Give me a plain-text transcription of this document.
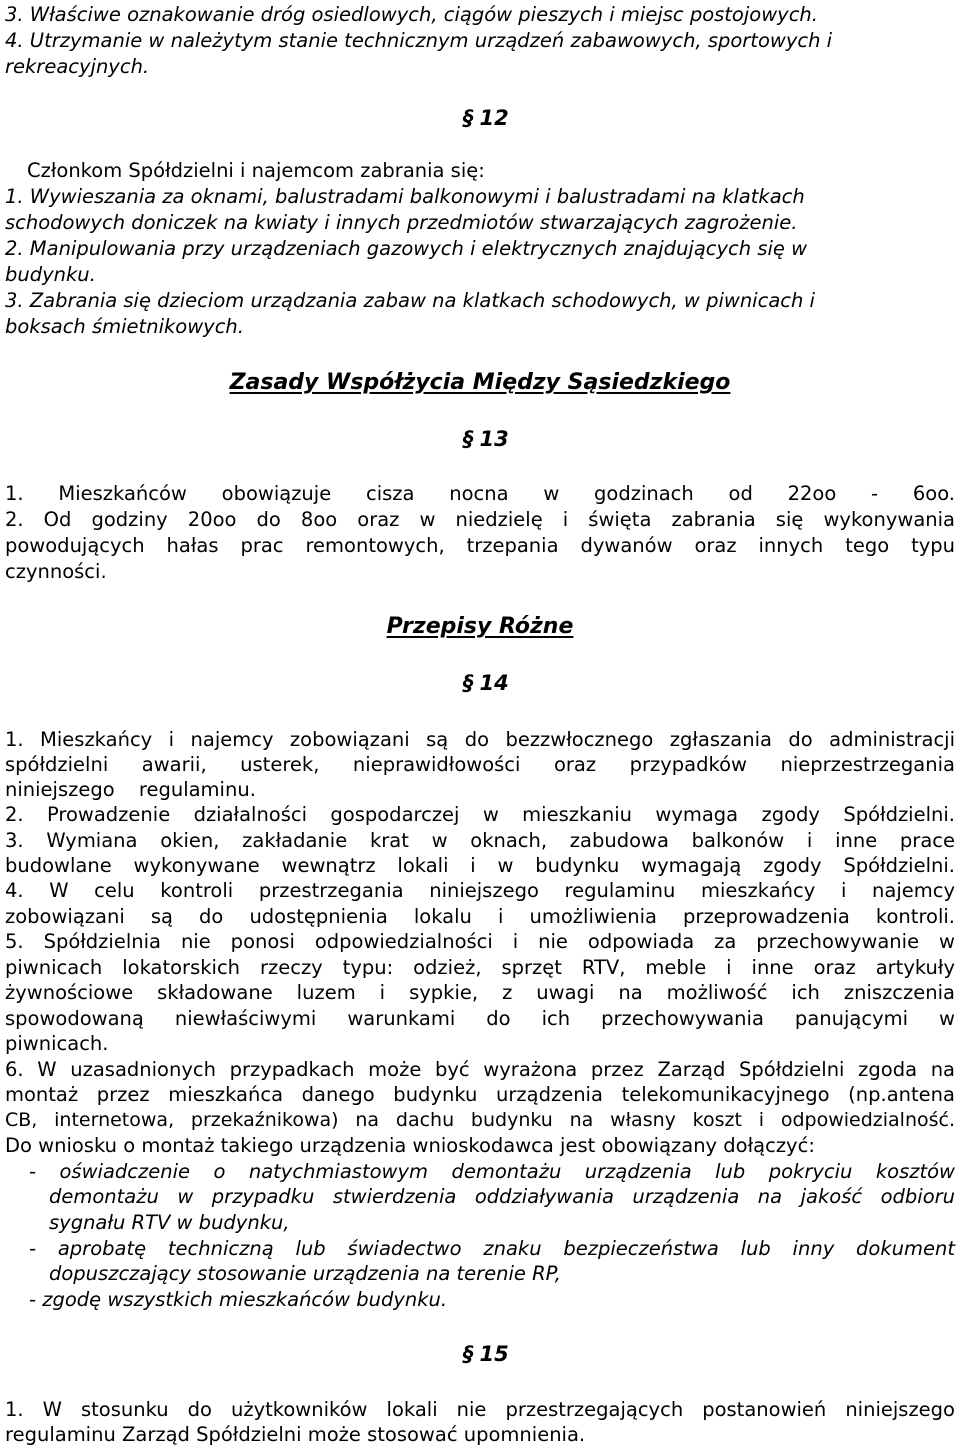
3. Właściwe oznakowanie dróg osiedlowych, ciągów pieszych i miejsc postojowych.
4. Utrzymanie w należytym stanie technicznym urządzeń zabawowych, sportowych i
rekreacyjnych.
§ 12
Członkom Spółdzielni i najemcom zabrania się:
1. Wywieszania za oknami, balustradami balkonowymi i balustradami na klatkach
schodowych doniczek na kwiaty i innych przedmiotów stwarzających zagrożenie.
2. Manipulowania przy urządzeniach gazowych i elektrycznych znajdujących się w
budynku.
3. Zabrania się dzieciom urządzania zabaw na klatkach schodowych, w piwnicach i
boksach śmietnikowych.
Zasady Współżycia Między Sąsiedzkiego
§ 13
1. Mieszkańców obowiązuje cisza nocna w godzinach od 22oo - 6oo.
2. Od godziny 20oo do 8oo oraz w niedzielę i święta zabrania się wykonywania
powodujących hałas prac remontowych, trzepania dywanów oraz innych tego typu
czynności.
Przepisy Różne
§ 14
1. Mieszkańcy i najemcy zobowiązani są do bezzwłocznego zgłaszania do administracji
spółdzielni awarii, usterek, nieprawidłowości oraz przypadków nieprzestrzegania
niniejszego regulaminu.
2. Prowadzenie działalności gospodarczej w mieszkaniu wymaga zgody Spółdzielni.
3. Wymiana okien, zakładanie krat w oknach, zabudowa balkonów i inne prace
budowlane wykonywane wewnątrz lokali i w budynku wymagają zgody Spółdzielni.
4. W celu kontroli przestrzegania niniejszego regulaminu mieszkańcy i najemcy
zobowiązani są do udostępnienia lokalu i umożliwienia przeprowadzenia kontroli.
5. Spółdzielnia nie ponosi odpowiedzialności i nie odpowiada za przechowywanie w
piwnicach lokatorskich rzeczy typu: odzież, sprzęt RTV, meble i inne oraz artykuły
żywnościowe składowane luzem i sypkie, z uwagi na możliwość ich zniszczenia
spowodowaną niewłaściwymi warunkami do ich przechowywania panującymi w
piwnicach.
6. W uzasadnionych przypadkach może być wyrażona przez Zarząd Spółdzielni zgoda na
montaż przez mieszkańca danego budynku urządzenia telekomunikacyjnego (np.antena
CB, internetowa, przekaźnikowa) na dachu budynku na własny koszt i odpowiedzialność.
Do wniosku o montaż takiego urządzenia wnioskodawca jest obowiązany dołączyć:
- oświadczenie o natychmiastowym demontażu urządzenia lub pokryciu kosztów
demontażu w przypadku stwierdzenia oddziaływania urządzenia na jakość odbioru
sygnału RTV w budynku,
- aprobatę techniczną lub świadectwo znaku bezpieczeństwa lub inny dokument
dopuszczający stosowanie urządzenia na terenie RP,
- zgodę wszystkich mieszkańców budynku.
§ 15
1. W stosunku do użytkowników lokali nie przestrzegających postanowień niniejszego
regulaminu Zarząd Spółdzielni może stosować upomnienia.
